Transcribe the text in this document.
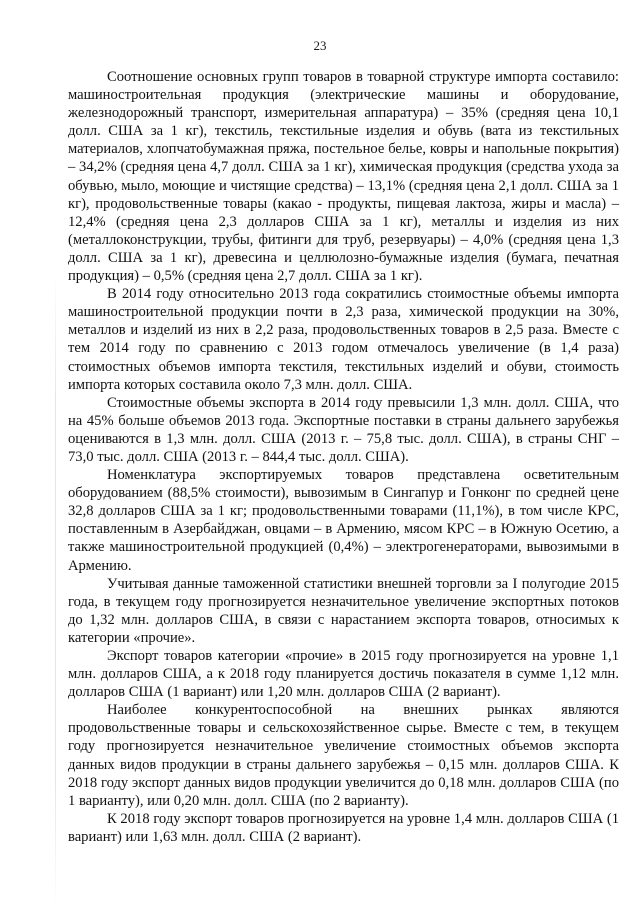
23

Соотношение основных групп товаров в товарной структуре импорта составило: машиностроительная продукция (электрические машины и оборудование, железнодорожный транспорт, измерительная аппаратура) – 35% (средняя цена 10,1 долл. США за 1 кг), текстиль, текстильные изделия и обувь (вата из текстильных материалов, хлопчатобумажная пряжа, постельное белье, ковры и напольные покрытия) – 34,2% (средняя цена 4,7 долл. США за 1 кг), химическая продукция (средства ухода за обувью, мыло, моющие и чистящие средства) – 13,1% (средняя цена 2,1 долл. США за 1 кг), продовольственные товары (какао - продукты, пищевая лактоза, жиры и масла) – 12,4% (средняя цена 2,3 долларов США за 1 кг), металлы и изделия из них (металлоконструкции, трубы, фитинги для труб, резервуары) – 4,0% (средняя цена 1,3 долл. США за 1 кг), древесина и целлюлозно-бумажные изделия (бумага, печатная продукция) – 0,5% (средняя цена 2,7 долл. США за 1 кг).

В 2014 году относительно 2013 года сократились стоимостные объемы импорта машиностроительной продукции почти в 2,3 раза, химической продукции на 30%, металлов и изделий из них в 2,2 раза, продовольственных товаров в 2,5 раза. Вместе с тем 2014 году по сравнению с 2013 годом отмечалось увеличение (в 1,4 раза) стоимостных объемов импорта текстиля, текстильных изделий и обуви, стоимость импорта которых составила около 7,3 млн. долл. США.

Стоимостные объемы экспорта в 2014 году превысили 1,3 млн. долл. США, что на 45% больше объемов 2013 года. Экспортные поставки в страны дальнего зарубежья оцениваются в 1,3 млн. долл. США (2013 г. – 75,8 тыс. долл. США), в страны СНГ – 73,0 тыс. долл. США (2013 г. – 844,4 тыс. долл. США).

Номенклатура экспортируемых товаров представлена осветительным оборудованием (88,5% стоимости), вывозимым в Сингапур и Гонконг по средней цене 32,8 долларов США за 1 кг; продовольственными товарами (11,1%), в том числе КРС, поставленным в Азербайджан, овцами – в Армению, мясом КРС – в Южную Осетию, а также машиностроительной продукцией (0,4%) – электрогенераторами, вывозимыми в Армению.

Учитывая данные таможенной статистики внешней торговли за I полугодие 2015 года, в текущем году прогнозируется незначительное увеличение экспортных потоков до 1,32 млн. долларов США, в связи с нарастанием экспорта товаров, относимых к категории «прочие».

Экспорт товаров категории «прочие» в 2015 году прогнозируется на уровне 1,1 млн. долларов США, а к 2018 году планируется достичь показателя в сумме 1,12 млн. долларов США (1 вариант) или 1,20 млн. долларов США (2 вариант).

Наиболее конкурентоспособной на внешних рынках являются продовольственные товары и сельскохозяйственное сырье. Вместе с тем, в текущем году прогнозируется незначительное увеличение стоимостных объемов экспорта данных видов продукции в страны дальнего зарубежья – 0,15 млн. долларов США. К 2018 году экспорт данных видов продукции увеличится до 0,18 млн. долларов США (по 1 варианту), или 0,20 млн. долл. США (по 2 варианту).

К 2018 году экспорт товаров прогнозируется на уровне 1,4 млн. долларов США (1 вариант) или 1,63 млн. долл. США (2 вариант).
